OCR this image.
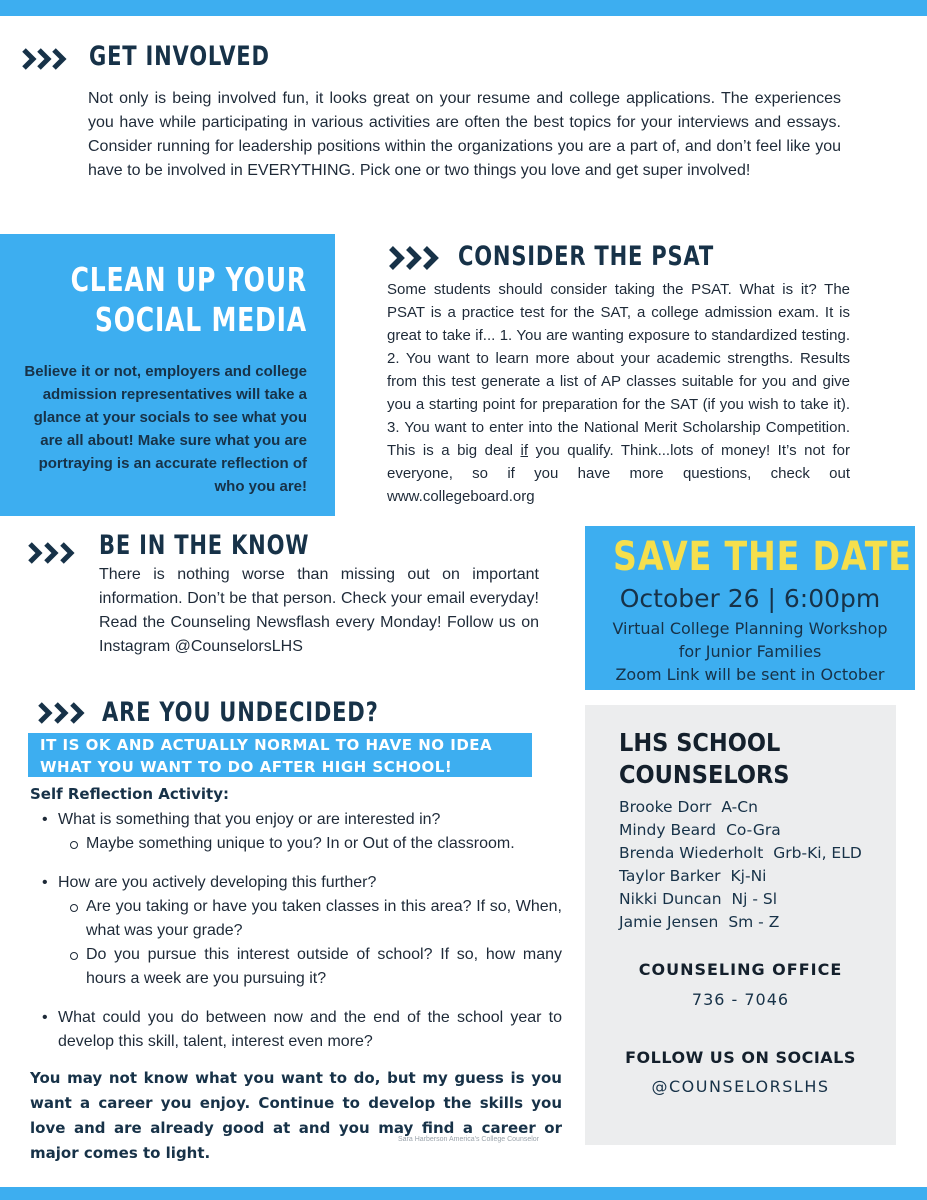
GET INVOLVED

Not only is being involved fun, it looks great on your resume and college applications. The experiences you have while participating in various activities are often the best topics for your interviews and essays. Consider running for leadership positions within the organizations you are a part of, and don’t feel like you have to be involved in EVERYTHING. Pick one or two things you love and get super involved!

CLEAN UP YOUR
SOCIAL MEDIA

Believe it or not, employers and college admission representatives will take a glance at your socials to see what you are all about! Make sure what you are portraying is an accurate reflection of who you are!

CONSIDER THE PSAT

Some students should consider taking the PSAT. What is it? The PSAT is a practice test for the SAT, a college admission exam. It is great to take if... 1. You are wanting exposure to standardized testing. 2. You want to learn more about your academic strengths. Results from this test generate a list of AP classes suitable for you and give you a starting point for preparation for the SAT (if you wish to take it). 3. You want to enter into the National Merit Scholarship Competition. This is a big deal if you qualify. Think...lots of money! It’s not for everyone, so if you have more questions, check out www.collegeboard.org

BE IN THE KNOW

There is nothing worse than missing out on important information. Don’t be that person. Check your email everyday! Read the Counseling Newsflash every Monday! Follow us on Instagram @CounselorsLHS

SAVE THE DATE
October 26 | 6:00pm
Virtual College Planning Workshop
for Junior Families
Zoom Link will be sent in October
ARE YOU UNDECIDED?

IT IS OK AND ACTUALLY NORMAL TO HAVE NO IDEA WHAT YOU WANT TO DO AFTER HIGH SCHOOL!

Self Reflection Activity:

• What is something that you enjoy or are interested in?
Maybe something unique to you? In or Out of the classroom.
• How are you actively developing this further?
Are you taking or have you taken classes in this area? If so, When, what was your grade?
Do you pursue this interest outside of school? If so, how many hours a week are you pursuing it?
• What could you do between now and the end of the school year to develop this skill, talent, interest even more?

You may not know what you want to do, but my guess is you want a career you enjoy. Continue to develop the skills you love and are already good at and you may find a career or major comes to light.

Sara Harberson America's College Counselor
LHS SCHOOL
COUNSELORS
Brooke Dorr A-Cn
Mindy Beard Co-Gra
Brenda Wiederholt Grb-Ki, ELD
Taylor Barker Kj-Ni
Nikki Duncan Nj - Sl
Jamie Jensen Sm - Z

COUNSELING OFFICE

736 - 7046

FOLLOW US ON SOCIALS

@COUNSELORSLHS
